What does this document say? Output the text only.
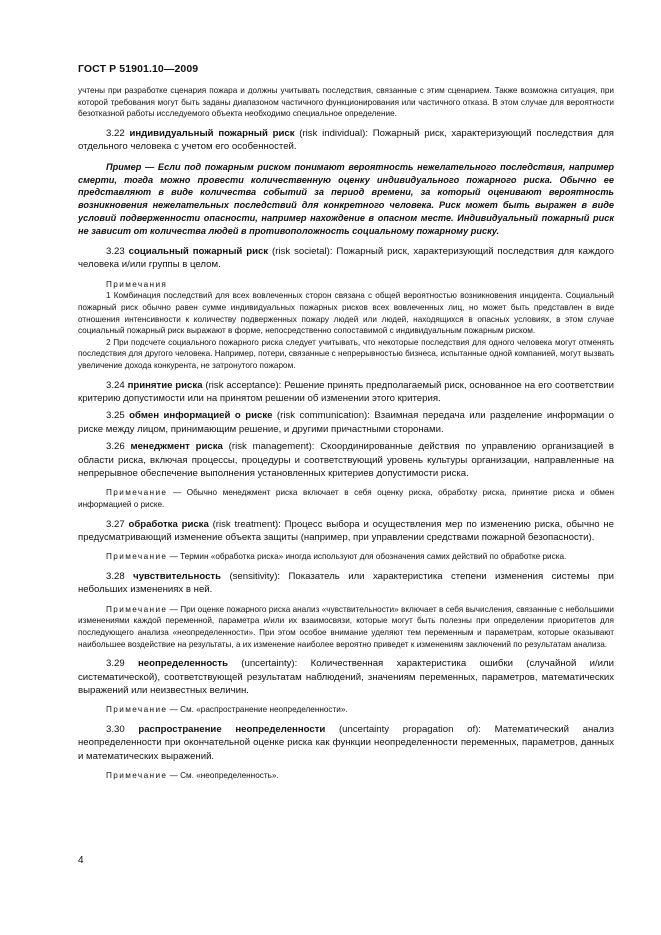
ГОСТ Р 51901.10—2009

учтены при разработке сценария пожара и должны учитывать последствия, связанные с этим сценарием. Также возможна ситуация, при которой требования могут быть заданы диапазоном частичного функционирования или частичного отказа. В этом случае для вероятности безотказной работы исследуемого объекта необходимо специальное определение.

3.22 индивидуальный пожарный риск (risk individual): Пожарный риск, характеризующий последствия для отдельного человека с учетом его особенностей.

Пример — Если под пожарным риском понимают вероятность нежелательного последствия, например смерти, тогда можно провести количественную оценку индивидуального пожарного риска. Обычно ее представляют в виде количества событий за период времени, за который оценивают вероятность возникновения нежелательных последствий для конкретного человека. Риск может быть выражен в виде условий подверженности опасности, например нахождение в опасном месте. Индивидуальный пожарный риск не зависит от количества людей в противоположность социальному пожарному риску.

3.23 социальный пожарный риск (risk societal): Пожарный риск, характеризующий последствия для каждого человека и/или группы в целом.

Примечания

1 Комбинация последствий для всех вовлеченных сторон связана с общей вероятностью возникновения инцидента. Социальный пожарный риск обычно равен сумме индивидуальных пожарных рисков всех вовлеченных лиц, но может быть представлен в виде отношения интенсивности к количеству подверженных пожару людей или людей, находящихся в опасных условиях, в этом случае социальный пожарный риск выражают в форме, непосредственно сопоставимой с индивидуальным пожарным риском.

2 При подсчете социального пожарного риска следует учитывать, что некоторые последствия для одного человека могут отменять последствия для другого человека. Например, потери, связанные с непрерывностью бизнеса, испытанные одной компанией, могут вызвать увеличение дохода конкурента, не затронутого пожаром.

3.24 принятие риска (risk acceptance): Решение принять предполагаемый риск, основанное на его соответствии критерию допустимости или на принятом решении об изменении этого критерия.

3.25 обмен информацией о риске (risk communication): Взаимная передача или разделение информации о риске между лицом, принимающим решение, и другими причастными сторонами.

3.26 менеджмент риска (risk management): Скоординированные действия по управлению организацией в области риска, включая процессы, процедуры и соответствующий уровень культуры организации, направленные на непрерывное обеспечение выполнения установленных критериев допустимости риска.

Примечание — Обычно менеджмент риска включает в себя оценку риска, обработку риска, принятие риска и обмен информацией о риске.

3.27 обработка риска (risk treatment): Процесс выбора и осуществления мер по изменению риска, обычно не предусматривающий изменение объекта защиты (например, при управлении средствами пожарной безопасности).

Примечание — Термин «обработка риска» иногда используют для обозначения самих действий по обработке риска.

3.28 чувствительность (sensitivity): Показатель или характеристика степени изменения системы при небольших изменениях в ней.

Примечание — При оценке пожарного риска анализ «чувствительности» включает в себя вычисления, связанные с небольшими изменениями каждой переменной, параметра и/или их взаимосвязи, которые могут быть полезны при определении приоритетов для последующего анализа «неопределенности». При этом особое внимание уделяют тем переменным и параметрам, которые оказывают наибольшее воздействие на результаты, а их изменение наиболее вероятно приведет к изменениям заключений по результатам анализа.

3.29 неопределенность (uncertainty): Количественная характеристика ошибки (случайной и/или систематической), соответствующей результатам наблюдений, значениям переменных, параметров, математических выражений или неизвестных величин.

Примечание — См. «распространение неопределенности».

3.30 распространение неопределенности (uncertainty propagation of): Математический анализ неопределенности при окончательной оценке риска как функции неопределенности переменных, параметров, данных и математических выражений.

Примечание — См. «неопределенность».

4
